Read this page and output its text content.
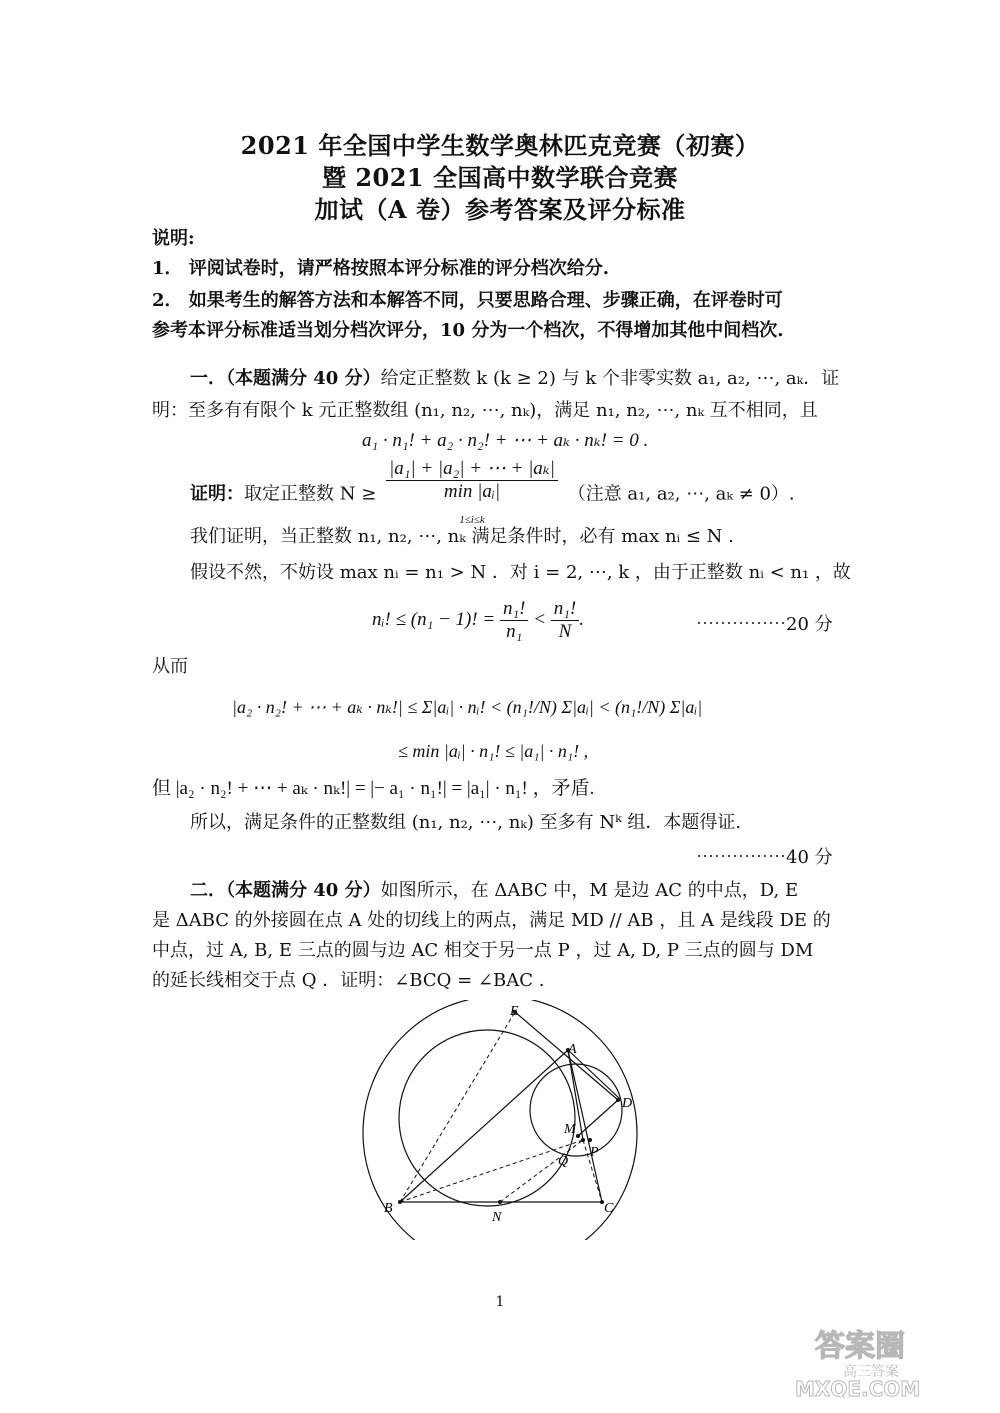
2021 年全国中学生数学奥林匹克竞赛（初赛）
暨 2021 全国高中数学联合竞赛
加试（A 卷）参考答案及评分标准
说明:
1． 评阅试卷时，请严格按照本评分标准的评分档次给分.
2． 如果考生的解答方法和本解答不同，只要思路合理、步骤正确，在评卷时可
参考本评分标准适当划分档次评分，10 分为一个档次，不得增加其他中间档次.
一．（本题满分 40 分）给定正整数 k (k ≥ 2) 与 k 个非零实数 a₁, a₂, ⋯, aₖ．证
明：至多有有限个 k 元正整数组 (n₁, n₂, ⋯, nₖ)，满足 n₁, n₂, ⋯, nₖ 互不相同，且
a₁ · n₁! + a₂ · n₂! + ⋯ + aₖ · nₖ! = 0 .
证明：取定正整数 N ≥
|a₁| + |a₂| + ⋯ + |aₖ|
min |aᵢ|
$_{1\le i\le k}$
（注意 a₁, a₂, ⋯, aₖ ≠ 0）.
我们证明，当正整数 n₁, n₂, ⋯, nₖ 满足条件时，必有 max nᵢ ≤ N .
假设不然，不妨设 max nᵢ = n₁ > N ．对 i = 2, ⋯, k ，由于正整数 nᵢ < n₁ ，故
nᵢ! ≤ (n₁ − 1)! = $\frac{\text{n₁!}}{\text{n₁}} < \frac{\text{n₁!}}{N}$ .	⋯⋯⋯⋯⋯20 分
从而
|a₂ · n₂! + ⋯ + aₖ · nₖ!| ≤ Σ|aᵢ| · nᵢ! < (n₁!/N) Σ|aᵢ| < (n₁!/N) Σ|aᵢ|
≤ min |aᵢ| · n₁! ≤ |a₁| · n₁! ,
但 |a₂ · n₂! + ⋯ + aₖ · nₖ!| = |− a₁ · n₁!| = |a₁| · n₁! ，矛盾.
所以，满足条件的正整数组 (n₁, n₂, ⋯, nₖ) 至多有 Nᵏ 组．本题得证.
⋯⋯⋯⋯⋯40 分
二．（本题满分 40 分）如图所示，在 ΔABC 中，M 是边 AC 的中点，D, E
是 ΔABC 的外接圆在点 A 处的切线上的两点，满足 MD // AB ，且 A 是线段 DE 的
中点，过 A, B, E 三点的圆与边 AC 相交于另一点 P ，过 A, D, P 三点的圆与 DM
的延长线相交于点 Q ．证明：∠BCQ = ∠BAC .
E
A
D
M
Q
P
B
N
C
1
答案圈
高三答案
MXQE.COM
